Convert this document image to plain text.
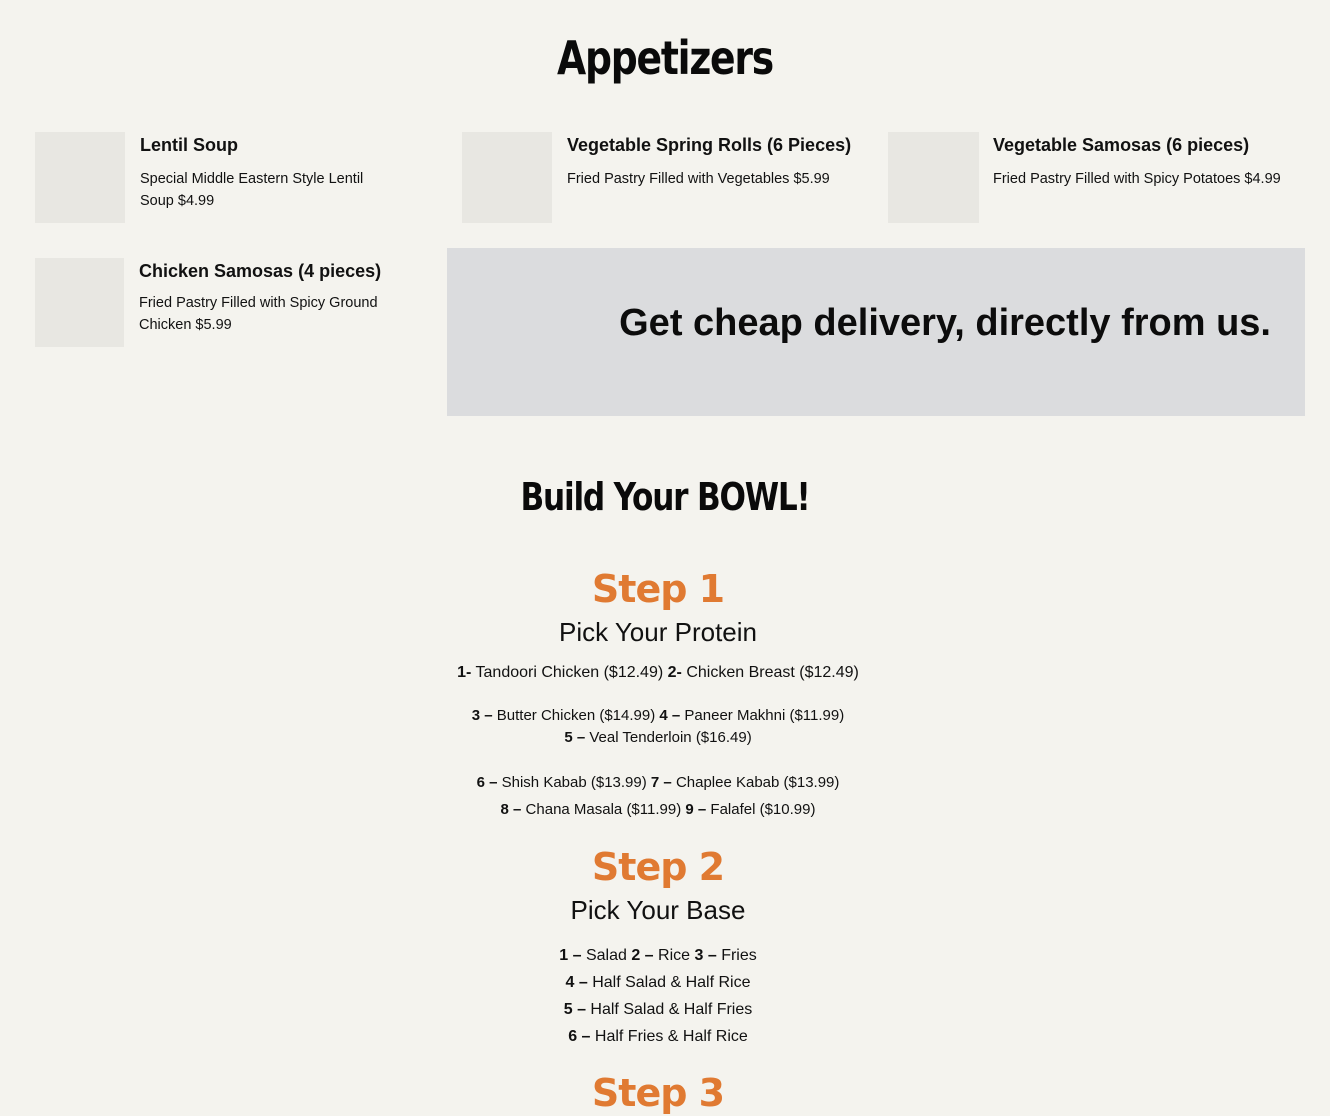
Appetizers
Lentil Soup
Special Middle Eastern Style Lentil Soup $4.99
Vegetable Spring Rolls (6 Pieces)
Fried Pastry Filled with Vegetables $5.99
Vegetable Samosas (6 pieces)
Fried Pastry Filled with Spicy Potatoes $4.99
Chicken Samosas (4 pieces)
Fried Pastry Filled with Spicy Ground Chicken $5.99	Get cheap delivery, directly from us.
Build Your BOWL!
Step 1
Pick Your Protein
1- Tandoori Chicken ($12.49) 2- Chicken Breast ($12.49)
3 – Butter Chicken ($14.99) 4 – Paneer Makhni ($11.99)
5 – Veal Tenderloin ($16.49)
6 – Shish Kabab ($13.99) 7 – Chaplee Kabab ($13.99)
8 – Chana Masala ($11.99) 9 – Falafel ($10.99)
Step 2
Pick Your Base
1 – Salad 2 – Rice 3 – Fries
4 – Half Salad & Half Rice
5 – Half Salad & Half Fries
6 – Half Fries & Half Rice
Step 3
